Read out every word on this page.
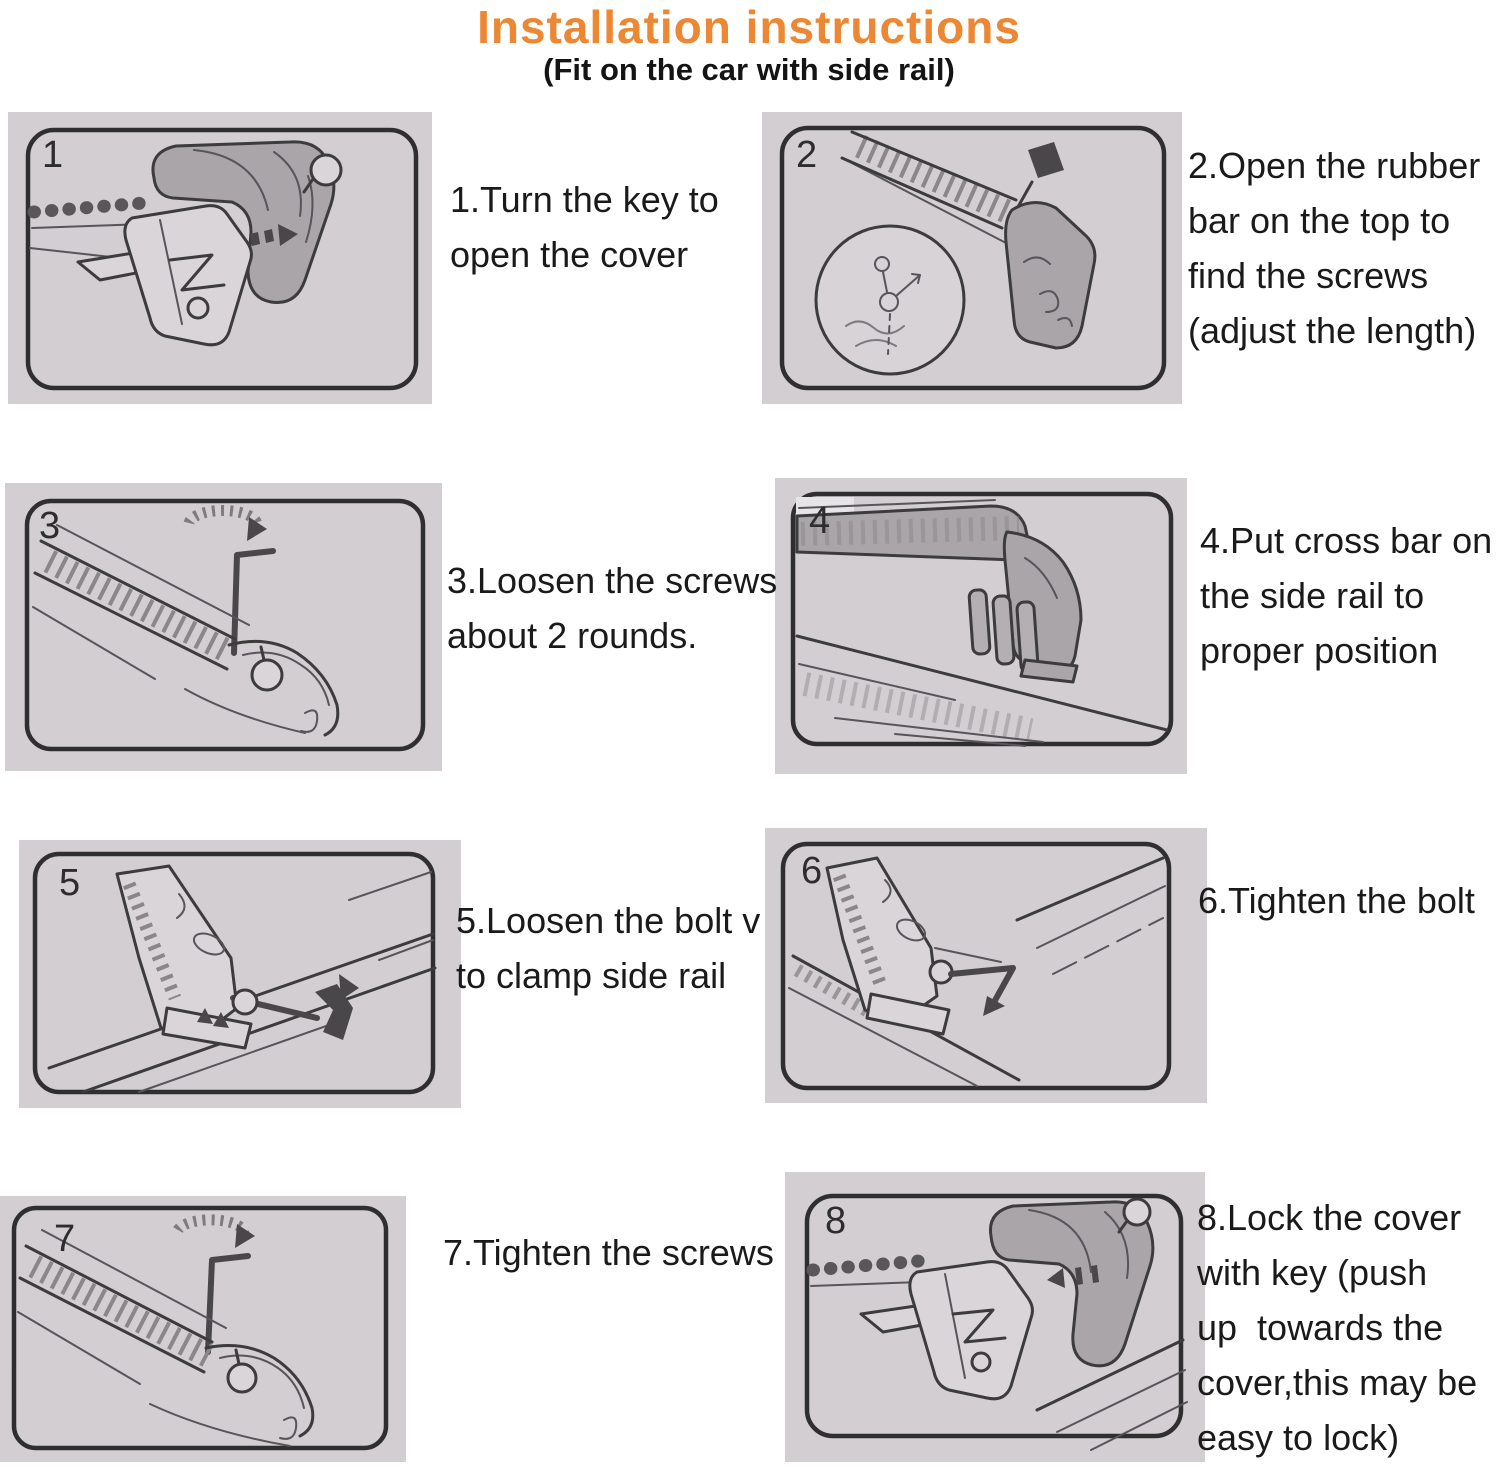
Installation instructions
(Fit on the car with side rail)
1
1.Turn the key to
open the cover
2	2.Open the rubber
bar on the top to
find the screws
(adjust the length)
3
3.Loosen the screws
about 2 rounds.
4	4.Put cross bar on
the side rail to
proper position
5
5.Loosen the bolt v
to clamp side rail
6
6.Tighten the bolt
7	7.Tighten the screws
8	8.Lock the cover
with key (push
up  towards the
cover,this may be
easy to lock)
